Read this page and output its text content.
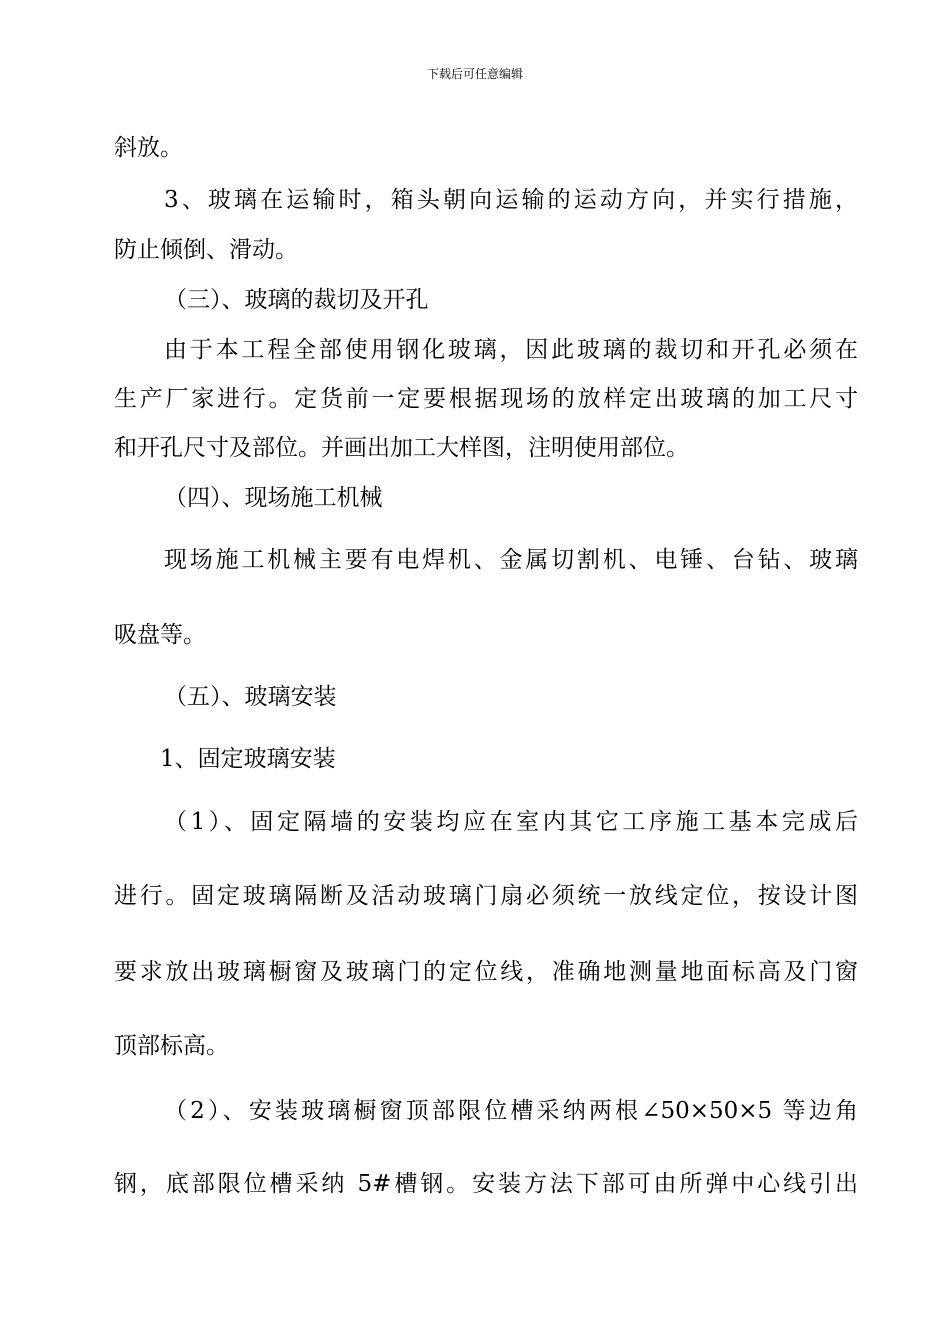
下载后可任意编辑
斜放。
3、玻璃在运输时，箱头朝向运输的运动方向，并实行措施，
防止倾倒、滑动。
（三）、玻璃的裁切及开孔
由于本工程全部使用钢化玻璃，因此玻璃的裁切和开孔必须在
生产厂家进行。定货前一定要根据现场的放样定出玻璃的加工尺寸
和开孔尺寸及部位。并画出加工大样图，注明使用部位。
（四）、现场施工机械
现场施工机械主要有电焊机、金属切割机、电锤、台钻、玻璃
吸盘等。
（五）、玻璃安装
1、固定玻璃安装
（1）、固定隔墙的安装均应在室内其它工序施工基本完成后
进行。固定玻璃隔断及活动玻璃门扇必须统一放线定位，按设计图
要求放出玻璃橱窗及玻璃门的定位线，准确地测量地面标高及门窗
顶部标高。
（2）、安装玻璃橱窗顶部限位槽采纳两根∠50×50×5 等边角
钢，底部限位槽采纳 5#槽钢。安装方法下部可由所弹中心线引出
